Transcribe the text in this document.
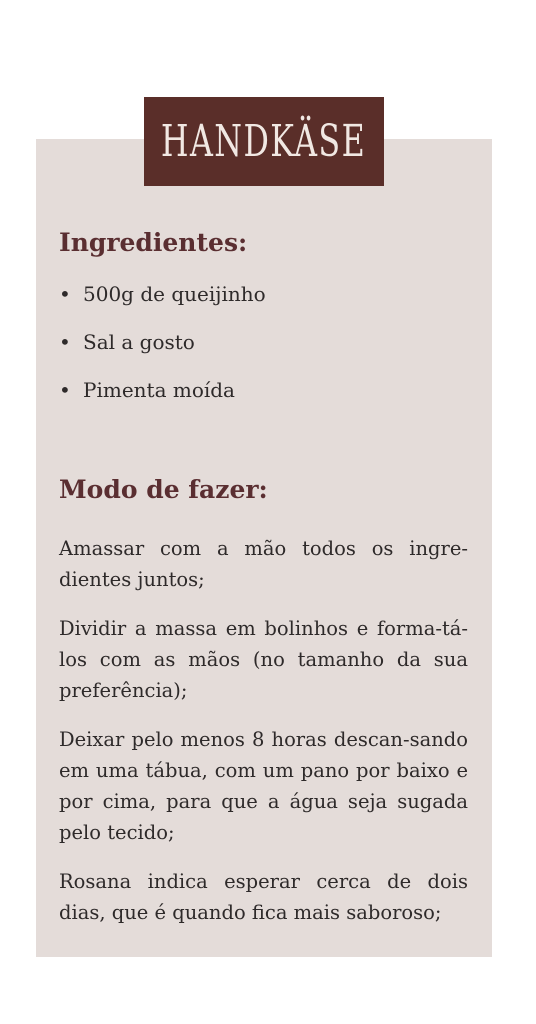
HANDKÄSE
Ingredientes:
• 500g de queijinho
• Sal a gosto
• Pimenta moída
Modo de fazer:

Amassar com a mão todos os ingre-dientes juntos;

Dividir a massa em bolinhos e forma-tá-los com as mãos (no tamanho da sua preferência);

Deixar pelo menos 8 horas descan-sando em uma tábua, com um pano por baixo e por cima, para que a água seja sugada pelo tecido;

Rosana indica esperar cerca de dois dias, que é quando fica mais saboroso;
